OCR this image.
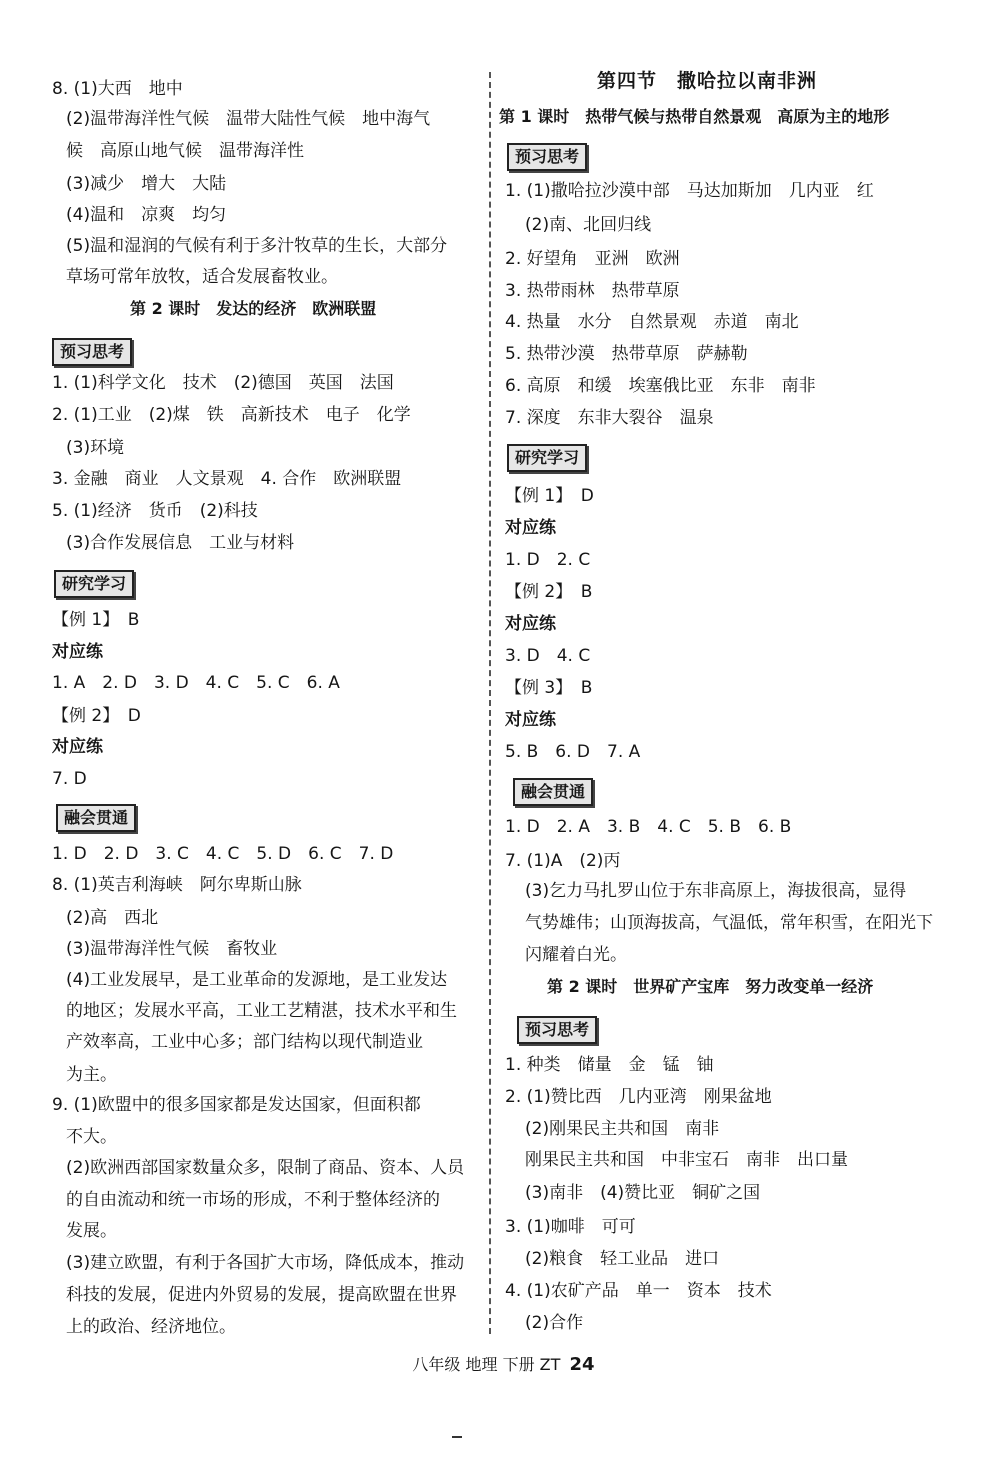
第 2 课时　发达的经济　欧洲联盟
预习思考
研究学习
融会贯通
8. (1)大西　地中
(2)温带海洋性气候　温带大陆性气候　地中海气
候　高原山地气候　温带海洋性
(3)减少　增大　大陆
(4)温和　凉爽　均匀
(5)温和湿润的气候有利于多汁牧草的生长，大部分
草场可常年放牧，适合发展畜牧业。
1. (1)科学文化　技术　(2)德国　英国　法国
2. (1)工业　(2)煤　铁　高新技术　电子　化学
(3)环境
3. 金融　商业　人文景观　4. 合作　欧洲联盟
5. (1)经济　货币　(2)科技
(3)合作发展信息　工业与材料
【例 1】　B
对应练
1. A　2. D　3. D　4. C　5. C　6. A
【例 2】　D
对应练
7. D
1. D　2. D　3. C　4. C　5. D　6. C　7. D
8. (1)英吉利海峡　阿尔卑斯山脉
(2)高　西北
(3)温带海洋性气候　畜牧业
(4)工业发展早，是工业革命的发源地，是工业发达
的地区；发展水平高，工业工艺精湛，技术水平和生
产效率高，工业中心多；部门结构以现代制造业
为主。
9. (1)欧盟中的很多国家都是发达国家，但面积都
不大。
(2)欧洲西部国家数量众多，限制了商品、资本、人员
的自由流动和统一市场的形成，不利于整体经济的
发展。
(3)建立欧盟，有利于各国扩大市场，降低成本，推动
科技的发展，促进内外贸易的发展，提高欧盟在世界
上的政治、经济地位。
第四节　撒哈拉以南非洲
第 1 课时　热带气候与热带自然景观　高原为主的地形
预习思考
研究学习
融会贯通
第 2 课时　世界矿产宝库　努力改变单一经济
预习思考
1. (1)撒哈拉沙漠中部　马达加斯加　几内亚　红
(2)南、北回归线
2. 好望角　亚洲　欧洲
3. 热带雨林　热带草原
4. 热量　水分　自然景观　赤道　南北
5. 热带沙漠　热带草原　萨赫勒
6. 高原　和缓　埃塞俄比亚　东非　南非
7. 深度　东非大裂谷　温泉
【例 1】　D
对应练
1. D　2. C
【例 2】　B
对应练
3. D　4. C
【例 3】　B
对应练
5. B　6. D　7. A
1. D　2. A　3. B　4. C　5. B　6. B
7. (1)A　(2)丙
(3)乞力马扎罗山位于东非高原上，海拔很高，显得
气势雄伟；山顶海拔高，气温低，常年积雪，在阳光下
闪耀着白光。
1. 种类　储量　金　锰　铀
2. (1)赞比西　几内亚湾　刚果盆地
(2)刚果民主共和国　南非
刚果民主共和国　中非宝石　南非　出口量
(3)南非　(4)赞比亚　铜矿之国
3. (1)咖啡　可可
(2)粮食　轻工业品　进口
4. (1)农矿产品　单一　资本　技术
(2)合作
八年级 地理 下册 ZT 24
